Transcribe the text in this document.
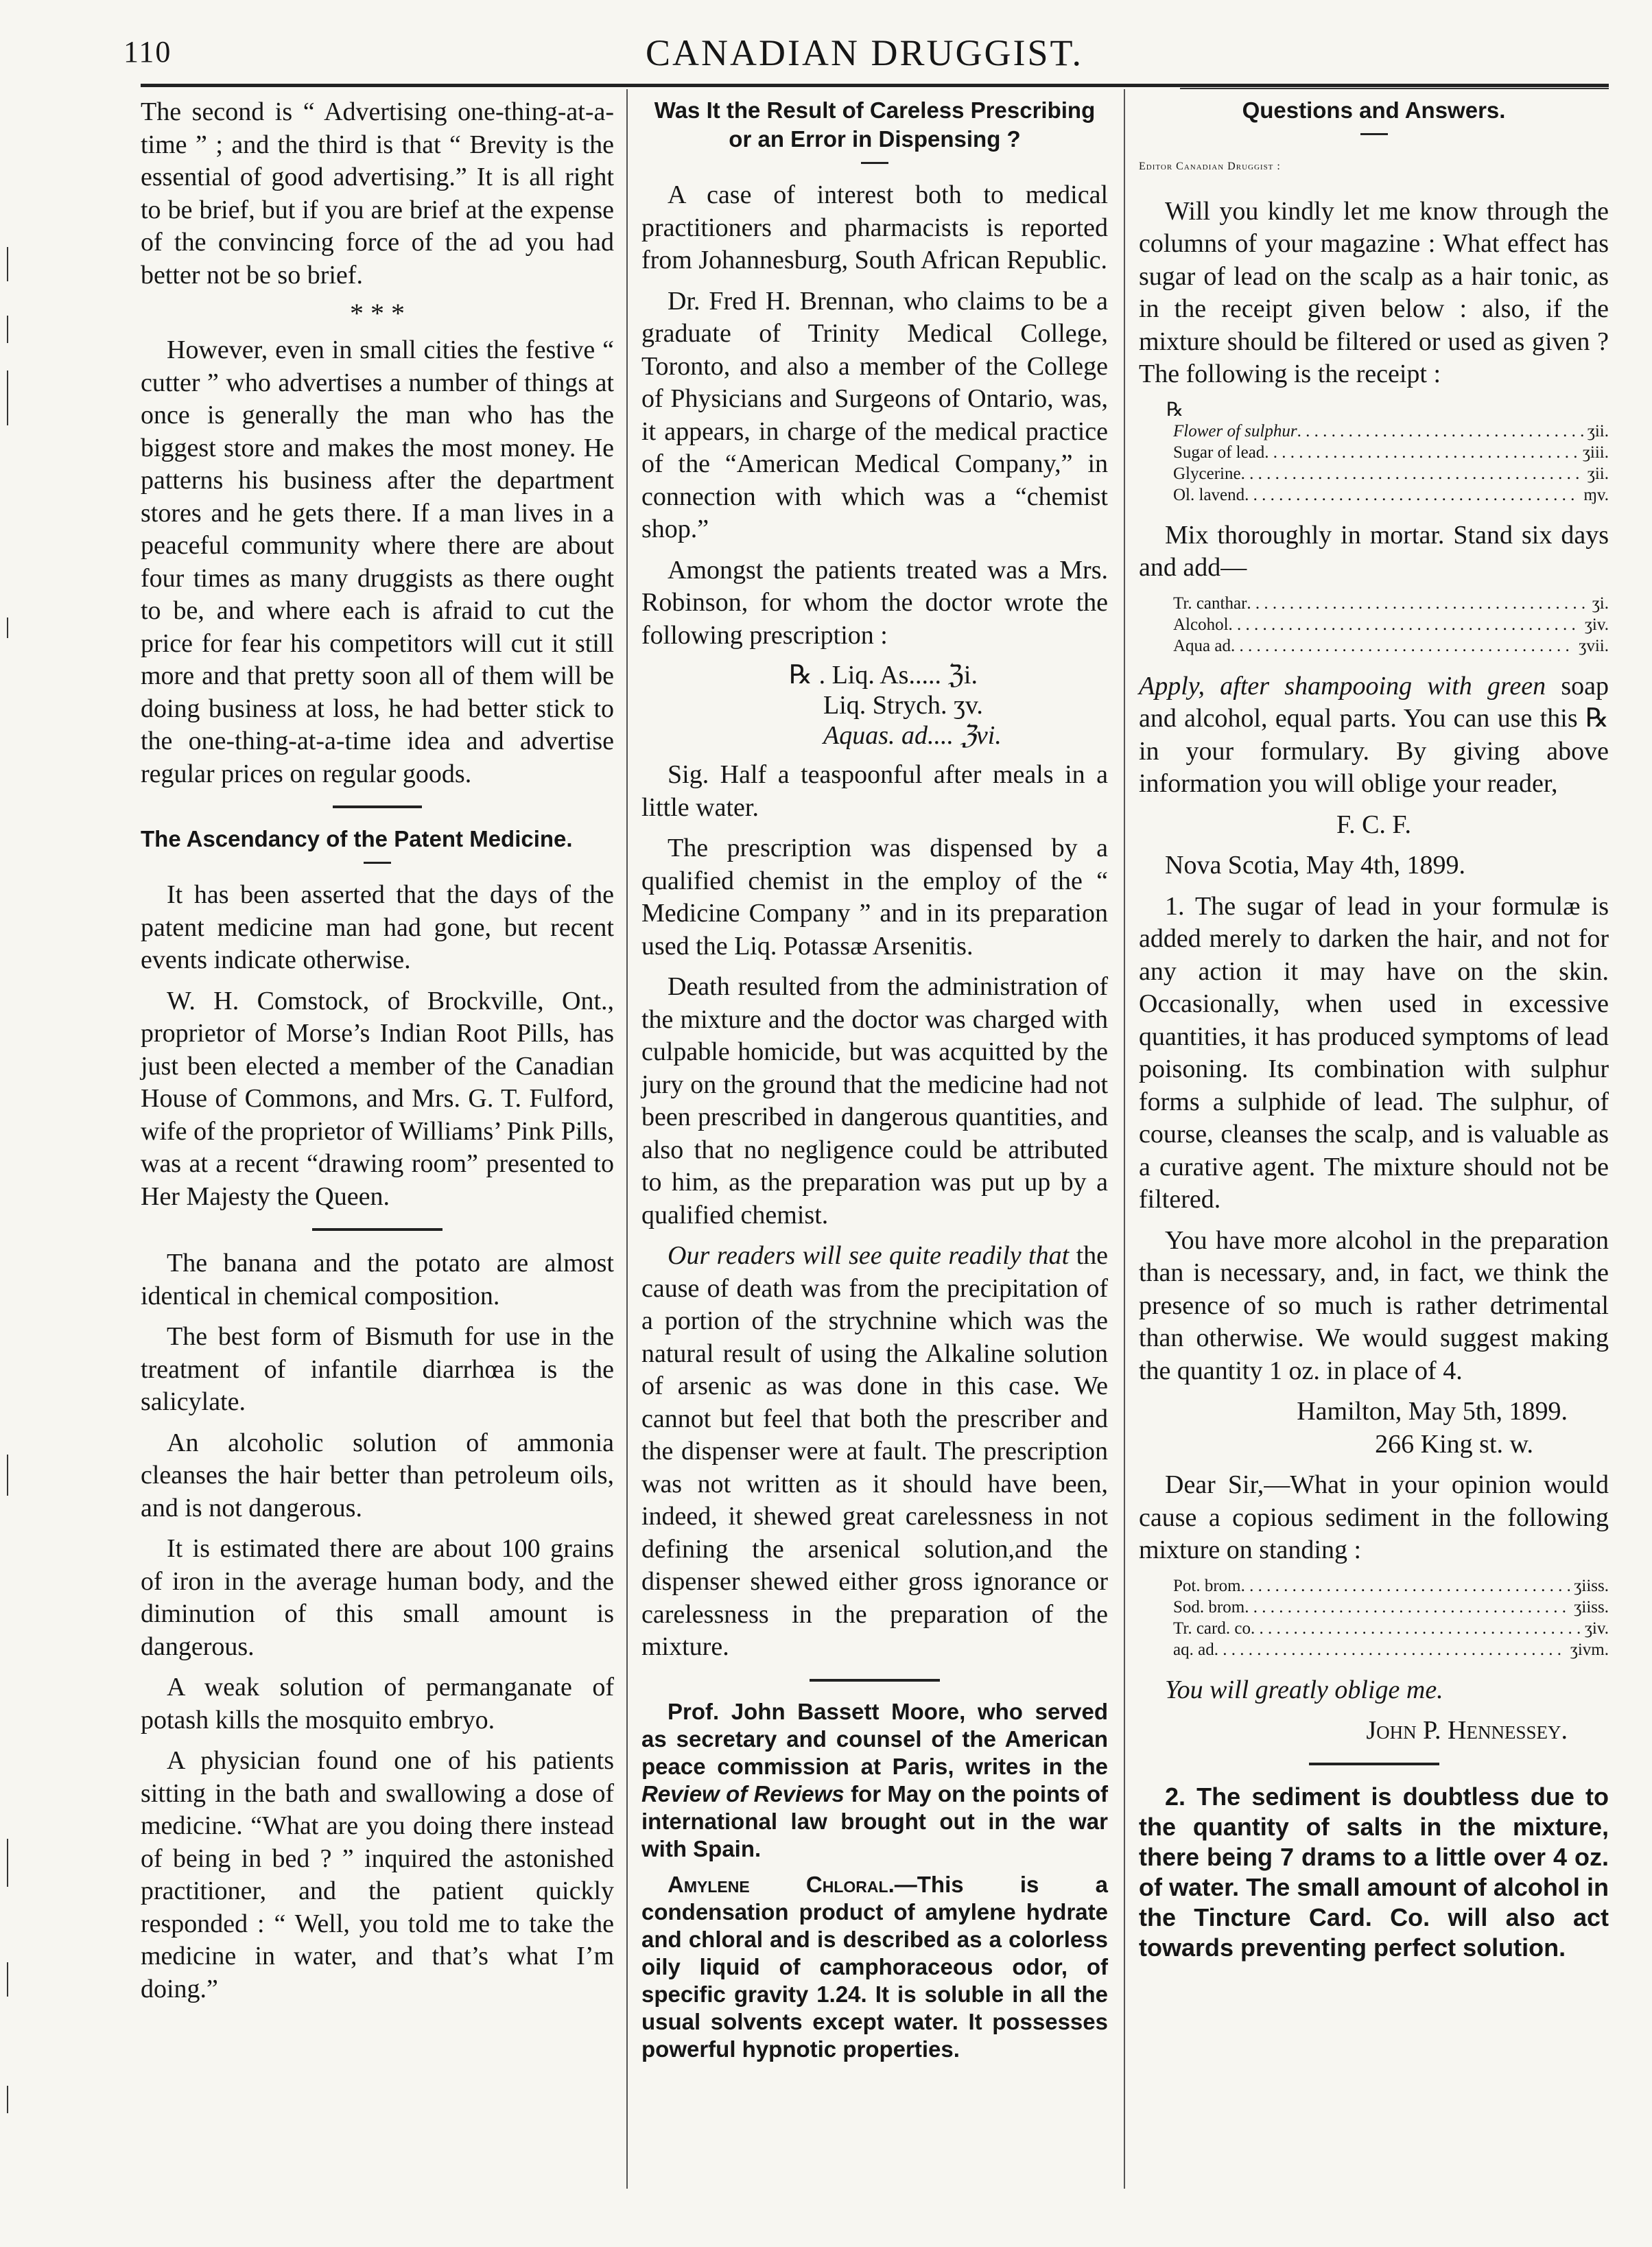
110	CANADIAN DRUGGIST.

The second is “ Advertising one-thing-at-a-time ” ; and the third is that “ Brevity is the essential of good advertising.” It is all right to be brief, but if you are brief at the expense of the convincing force of the ad you had better not be so brief.

* * *

However, even in small cities the festive “ cutter ” who advertises a number of things at once is generally the man who has the biggest store and makes the most money. He patterns his business after the department stores and he gets there. If a man lives in a peaceful community where there are about four times as many druggists as there ought to be, and where each is afraid to cut the price for fear his competitors will cut it still more and that pretty soon all of them will be doing business at loss, he had better stick to the one-thing-at-a-time idea and advertise regular prices on regular goods.

The Ascendancy of the Patent Medicine.

It has been asserted that the days of the patent medicine man had gone, but recent events indicate otherwise.

W. H. Comstock, of Brockville, Ont., proprietor of Morse’s Indian Root Pills, has just been elected a member of the Canadian House of Commons, and Mrs. G. T. Fulford, wife of the proprietor of Williams’ Pink Pills, was at a recent “drawing room” presented to Her Majesty the Queen.

The banana and the potato are almost identical in chemical composition.

The best form of Bismuth for use in the treatment of infantile diarrhœa is the salicylate.

An alcoholic solution of ammonia cleanses the hair better than petroleum oils, and is not dangerous.

It is estimated there are about 100 grains of iron in the average human body, and the diminution of this small amount is dangerous.

A weak solution of permanganate of potash kills the mosquito embryo.

A physician found one of his patients sitting in the bath and swallowing a dose of medicine. “What are you doing there instead of being in bed ? ” inquired the astonished practitioner, and the patient quickly responded : “ Well, you told me to take the medicine in water, and that’s what I’m doing.”

Was It the Result of Careless Prescribing or an Error in Dispensing ?

A case of interest both to medical practitioners and pharmacists is reported from Johannesburg, South African Republic.

Dr. Fred H. Brennan, who claims to be a graduate of Trinity Medical College, Toronto, and also a member of the College of Physicians and Surgeons of Ontario, was, it appears, in charge of the medical practice of the “American Medical Company,” in connection with which was a “chemist shop.”

Amongst the patients treated was a Mrs. Robinson, for whom the doctor wrote the following prescription :

℞ . Liq. As..... ℨi.
Liq. Strych. ʒv.
Aquas. ad.... ℨvi.

Sig. Half a teaspoonful after meals in a little water.

The prescription was dispensed by a qualified chemist in the employ of the “ Medicine Company ” and in its preparation used the Liq. Potassæ Arsenitis.

Death resulted from the administration of the mixture and the doctor was charged with culpable homicide, but was acquitted by the jury on the ground that the medicine had not been prescribed in dangerous quantities, and also that no negligence could be attributed to him, as the preparation was put up by a qualified chemist.

Our readers will see quite readily that the cause of death was from the precipitation of a portion of the strychnine which was the natural result of using the Alkaline solution of arsenic as was done in this case. We cannot but feel that both the prescriber and the dispenser were at fault. The prescription was not written as it should have been, indeed, it shewed great carelessness in not defining the arsenical solution,and the dispenser shewed either gross ignorance or carelessness in the preparation of the mixture.

Prof. John Bassett Moore, who served as secretary and counsel of the American peace commission at Paris, writes in the Review of Reviews for May on the points of international law brought out in the war with Spain.

Amylene Chloral.—This is a condensation product of amylene hydrate and chloral and is described as a colorless oily liquid of camphoraceous odor, of specific gravity 1.24. It is soluble in all the usual solvents except water. It possesses powerful hypnotic properties.

Questions and Answers.

Editor Canadian Druggist :

Will you kindly let me know through the columns of your magazine : What effect has sugar of lead on the scalp as a hair tonic, as in the receipt given below : also, if the mixture should be filtered or used as given ? The following is the receipt :

℞
Flower of sulphur . . .	ʒii.
Sugar of lead . . .	ʒiii.
Glycerine . . .	ʒii.
Ol. lavend . . .	ɱv.

Mix thoroughly in mortar. Stand six days and add—

Tr. canthar . . .	ʒi.
Alcohol . . .	ʒiv.
Aqua ad . . .	ʒvii.

Apply, after shampooing with green soap and alcohol, equal parts. You can use this ℞ in your formulary. By giving above information you will oblige your reader,

F. C. F.

Nova Scotia, May 4th, 1899.

1. The sugar of lead in your formulæ is added merely to darken the hair, and not for any action it may have on the skin. Occasionally, when used in excessive quantities, it has produced symptoms of lead poisoning. Its combination with sulphur forms a sulphide of lead. The sulphur, of course, cleanses the scalp, and is valuable as a curative agent. The mixture should not be filtered.

You have more alcohol in the preparation than is necessary, and, in fact, we think the presence of so much is rather detrimental than otherwise. We would suggest making the quantity 1 oz. in place of 4.

Hamilton, May 5th, 1899.

266 King st. w.

Dear Sir,—What in your opinion would cause a copious sediment in the following mixture on standing :

Pot. brom . . .	ʒiiss.
Sod. brom . . .	ʒiiss.
Tr. card. co . . .	ʒiv.
aq. ad . . .	ʒivm.

You will greatly oblige me.

John P. Hennessey.

2. The sediment is doubtless due to the quantity of salts in the mixture, there being 7 drams to a little over 4 oz. of water. The small amount of alcohol in the Tincture Card. Co. will also act towards preventing perfect solution.
